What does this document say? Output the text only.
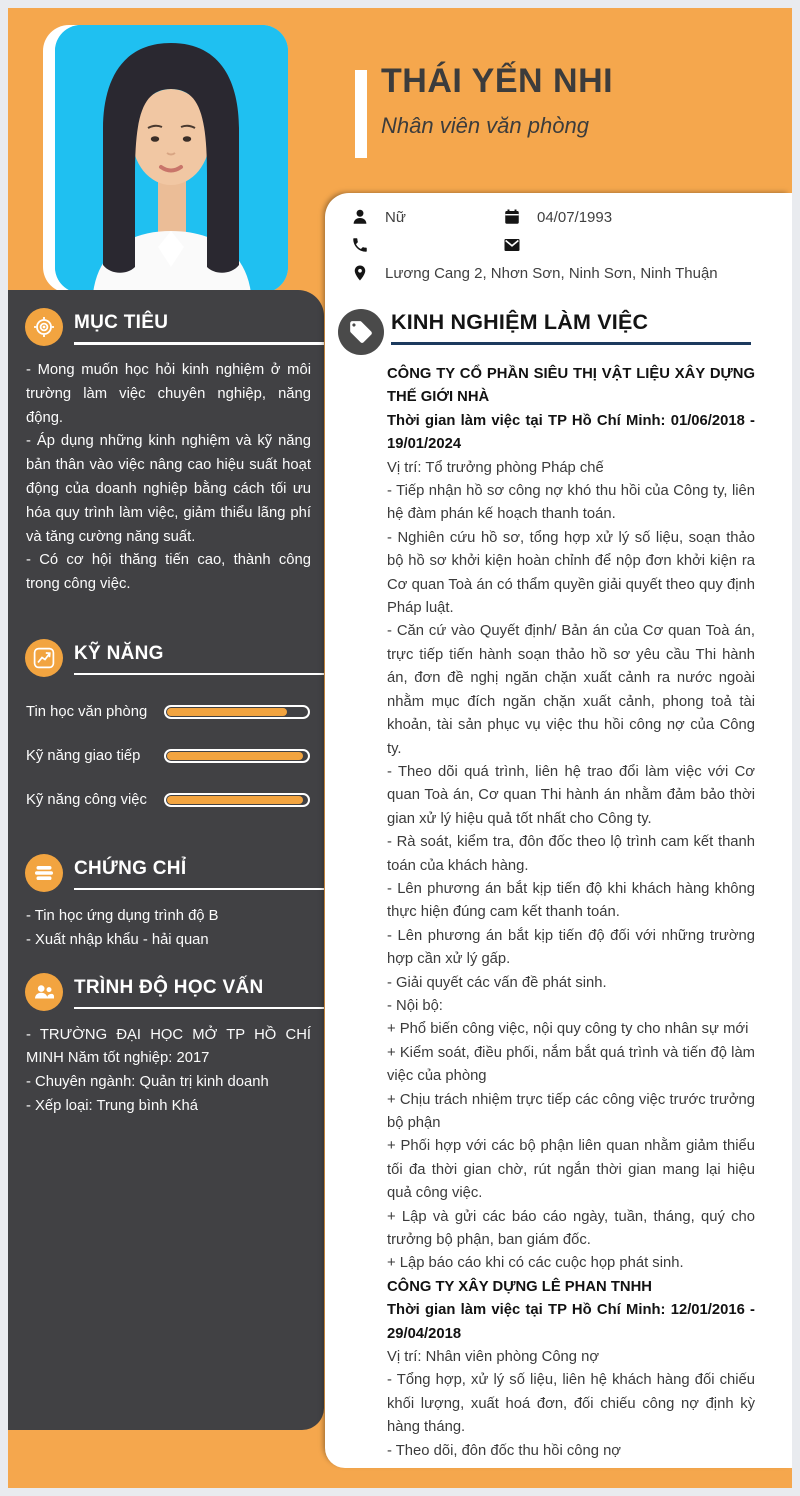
THÁI YẾN NHI
Nhân viên văn phòng
MỤC TIÊU

- Mong muốn học hỏi kinh nghiệm ở môi trường làm việc chuyên nghiệp, năng động.

- Áp dụng những kinh nghiệm và kỹ năng bản thân vào việc nâng cao hiệu suất hoạt động của doanh nghiệp bằng cách tối ưu hóa quy trình làm việc, giảm thiểu lãng phí và tăng cường năng suất.

- Có cơ hội thăng tiến cao, thành công trong công việc.

KỸ NĂNG
Tin học văn phòng
Kỹ năng giao tiếp
Kỹ năng công việc
CHỨNG CHỈ

- Tin học ứng dụng trình độ B

- Xuất nhập khẩu - hải quan

TRÌNH ĐỘ HỌC VẤN

- TRƯỜNG ĐẠI HỌC MỞ TP HỒ CHÍ MINH Năm tốt nghiệp: 2017

- Chuyên ngành: Quản trị kinh doanh

- Xếp loại: Trung bình Khá

Nữ	04/07/1993
Lương Cang 2, Nhơn Sơn, Ninh Sơn, Ninh Thuận
KINH NGHIỆM LÀM VIỆC

CÔNG TY CỔ PHẦN SIÊU THỊ VẬT LIỆU XÂY DỰNG THẾ GIỚI NHÀ

Thời gian làm việc tại TP Hồ Chí Minh: 01/06/2018 - 19/01/2024

Vị trí: Tổ trưởng phòng Pháp chế

- Tiếp nhận hồ sơ công nợ khó thu hồi của Công ty, liên hệ đàm phán kế hoạch thanh toán.

- Nghiên cứu hồ sơ, tổng hợp xử lý số liệu, soạn thảo bộ hồ sơ khởi kiện hoàn chỉnh để nộp đơn khởi kiện ra Cơ quan Toà án có thẩm quyền giải quyết theo quy định Pháp luật.

- Căn cứ vào Quyết định/ Bản án của Cơ quan Toà án, trực tiếp tiến hành soạn thảo hồ sơ yêu cầu Thi hành án, đơn đề nghị ngăn chặn xuất cảnh ra nước ngoài nhằm mục đích ngăn chặn xuất cảnh, phong toả tài khoản, tài sản phục vụ việc thu hồi công nợ của Công ty.

- Theo dõi quá trình, liên hệ trao đổi làm việc với Cơ quan Toà án, Cơ quan Thi hành án nhằm đảm bảo thời gian xử lý hiệu quả tốt nhất cho Công ty.

- Rà soát, kiểm tra, đôn đốc theo lộ trình cam kết thanh toán của khách hàng.

- Lên phương án bắt kịp tiến độ khi khách hàng không thực hiện đúng cam kết thanh toán.

- Lên phương án bắt kịp tiến độ đối với những trường hợp cần xử lý gấp.

- Giải quyết các vấn đề phát sinh.

- Nội bộ:

+ Phổ biến công việc, nội quy công ty cho nhân sự mới

+ Kiểm soát, điều phối, nắm bắt quá trình và tiến độ làm việc của phòng

+ Chịu trách nhiệm trực tiếp các công việc trước trưởng bộ phận

+ Phối hợp với các bộ phận liên quan nhằm giảm thiểu tối đa thời gian chờ, rút ngắn thời gian mang lại hiệu quả công việc.

+ Lập và gửi các báo cáo ngày, tuần, tháng, quý cho trưởng bộ phận, ban giám đốc.

+ Lập báo cáo khi có các cuộc họp phát sinh.

CÔNG TY XÂY DỰNG LÊ PHAN TNHH

Thời gian làm việc tại TP Hồ Chí Minh: 12/01/2016 - 29/04/2018

Vị trí: Nhân viên phòng Công nợ

- Tổng hợp, xử lý số liệu, liên hệ khách hàng đối chiếu khối lượng, xuất hoá đơn, đối chiếu công nợ định kỳ hàng tháng.

- Theo dõi, đôn đốc thu hồi công nợ
